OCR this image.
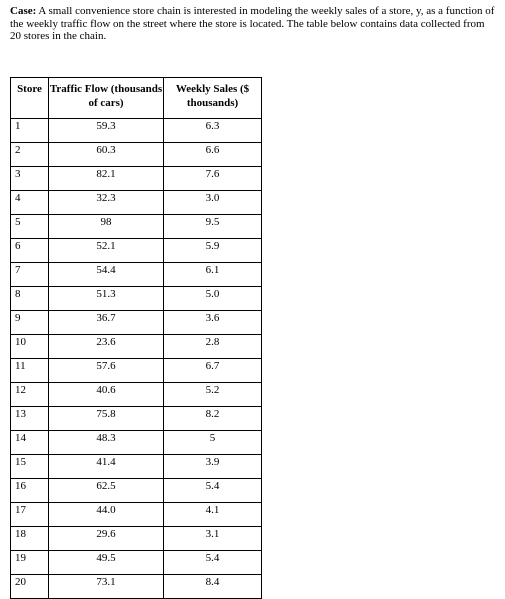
Case: A small convenience store chain is interested in modeling the weekly sales of a store, y, as a function of the weekly traffic flow on the street where the store is located. The table below contains data collected from 20 stores in the chain.
Store	Traffic Flow (thousands of cars)	Weekly Sales ($ thousands)
1	59.3	6.3
2	60.3	6.6
3	82.1	7.6
4	32.3	3.0
5	98	9.5
6	52.1	5.9
7	54.4	6.1
8	51.3	5.0
9	36.7	3.6
10	23.6	2.8
11	57.6	6.7
12	40.6	5.2
13	75.8	8.2
14	48.3	5
15	41.4	3.9
16	62.5	5.4
17	44.0	4.1
18	29.6	3.1
19	49.5	5.4
20	73.1	8.4
